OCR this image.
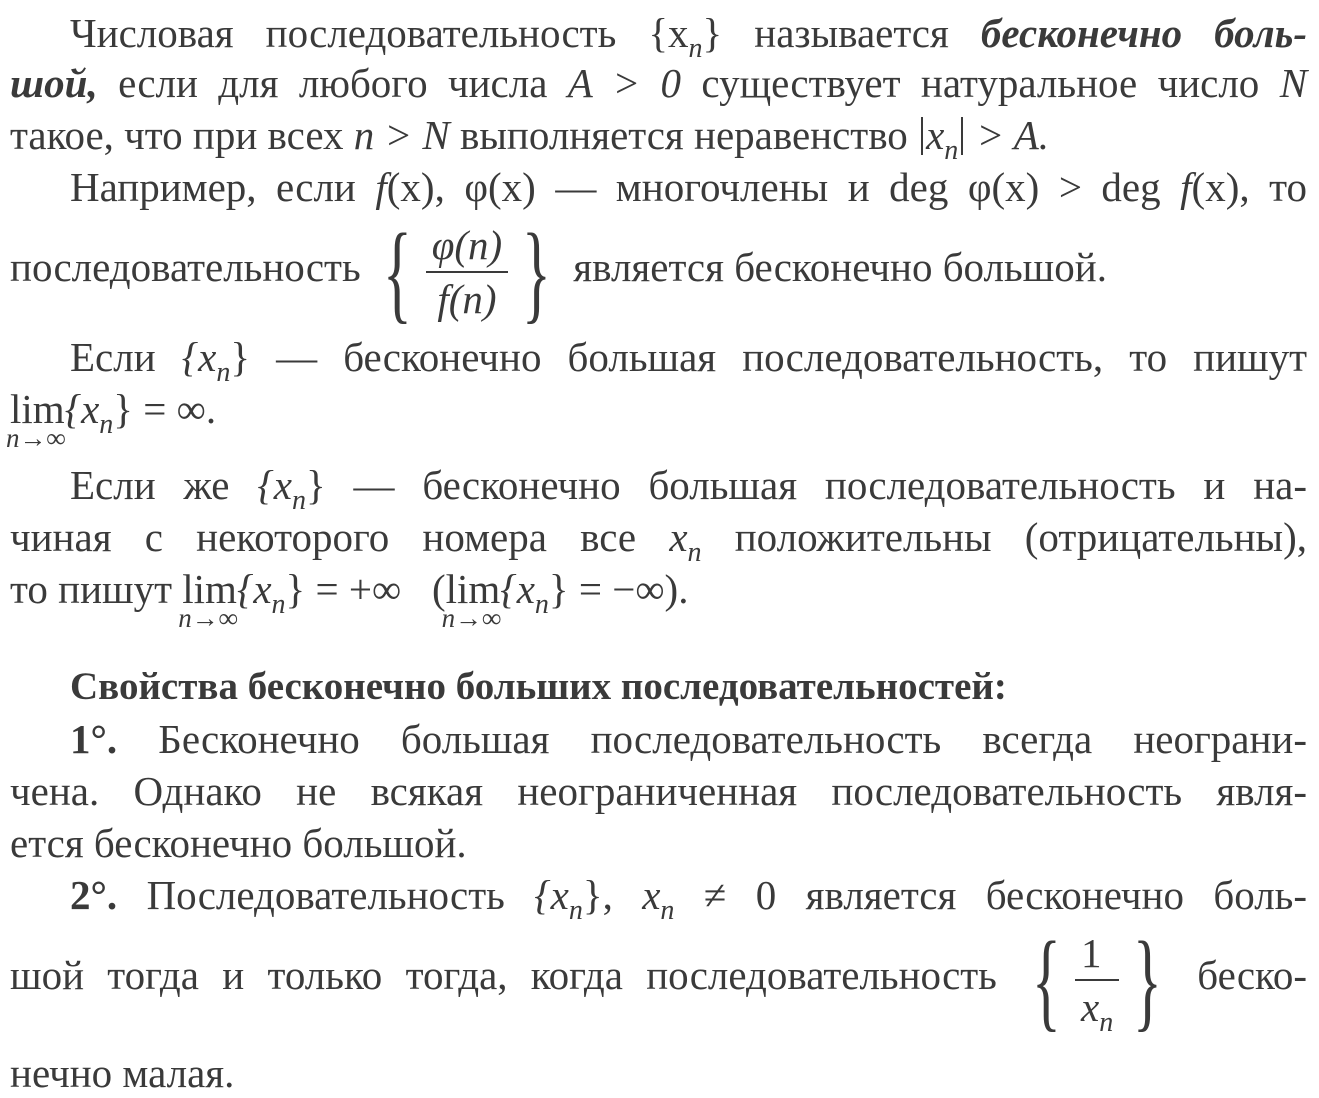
Числовая последовательность $\{x_n\}$ называется бесконечно боль-
шой, если для любого числа A > 0 существует натуральное число N
такое, что при всех n > N выполняется неравенство $x_n > A$.
Например, если f(x), φ(x) — многочлены и deg φ(x) > deg f(x), то
последовательность { $\frac{\varphi(n)}{f(n)}$ } является бесконечно большой.
Если $\{x_n\}$ — бесконечно большая последовательность, то пишут
lim
n→∞
$\{x_n\}$ = ∞.
Если же $\{x_n\}$ — бесконечно большая последовательность и на-
чиная с некоторого номера все $x_n$ положительны (отрицательны),
то пишут lim
n→∞
$\{x_n\}$ = +∞ (lim
n→∞
$\{x_n\}$ = −∞).
Свойства бесконечно больших последовательностей:
1°. Бесконечно большая последовательность всегда неограни-
чена. Однако не всякая неограниченная последовательность явля-
ется бесконечно большой.
2°. Последовательность $\{x_n\}$, $x_n \ne 0$ является бесконечно боль-
шой тогда и только тогда, когда последовательность { $\frac{1}{x_n}$ } беско-
нечно малая.
